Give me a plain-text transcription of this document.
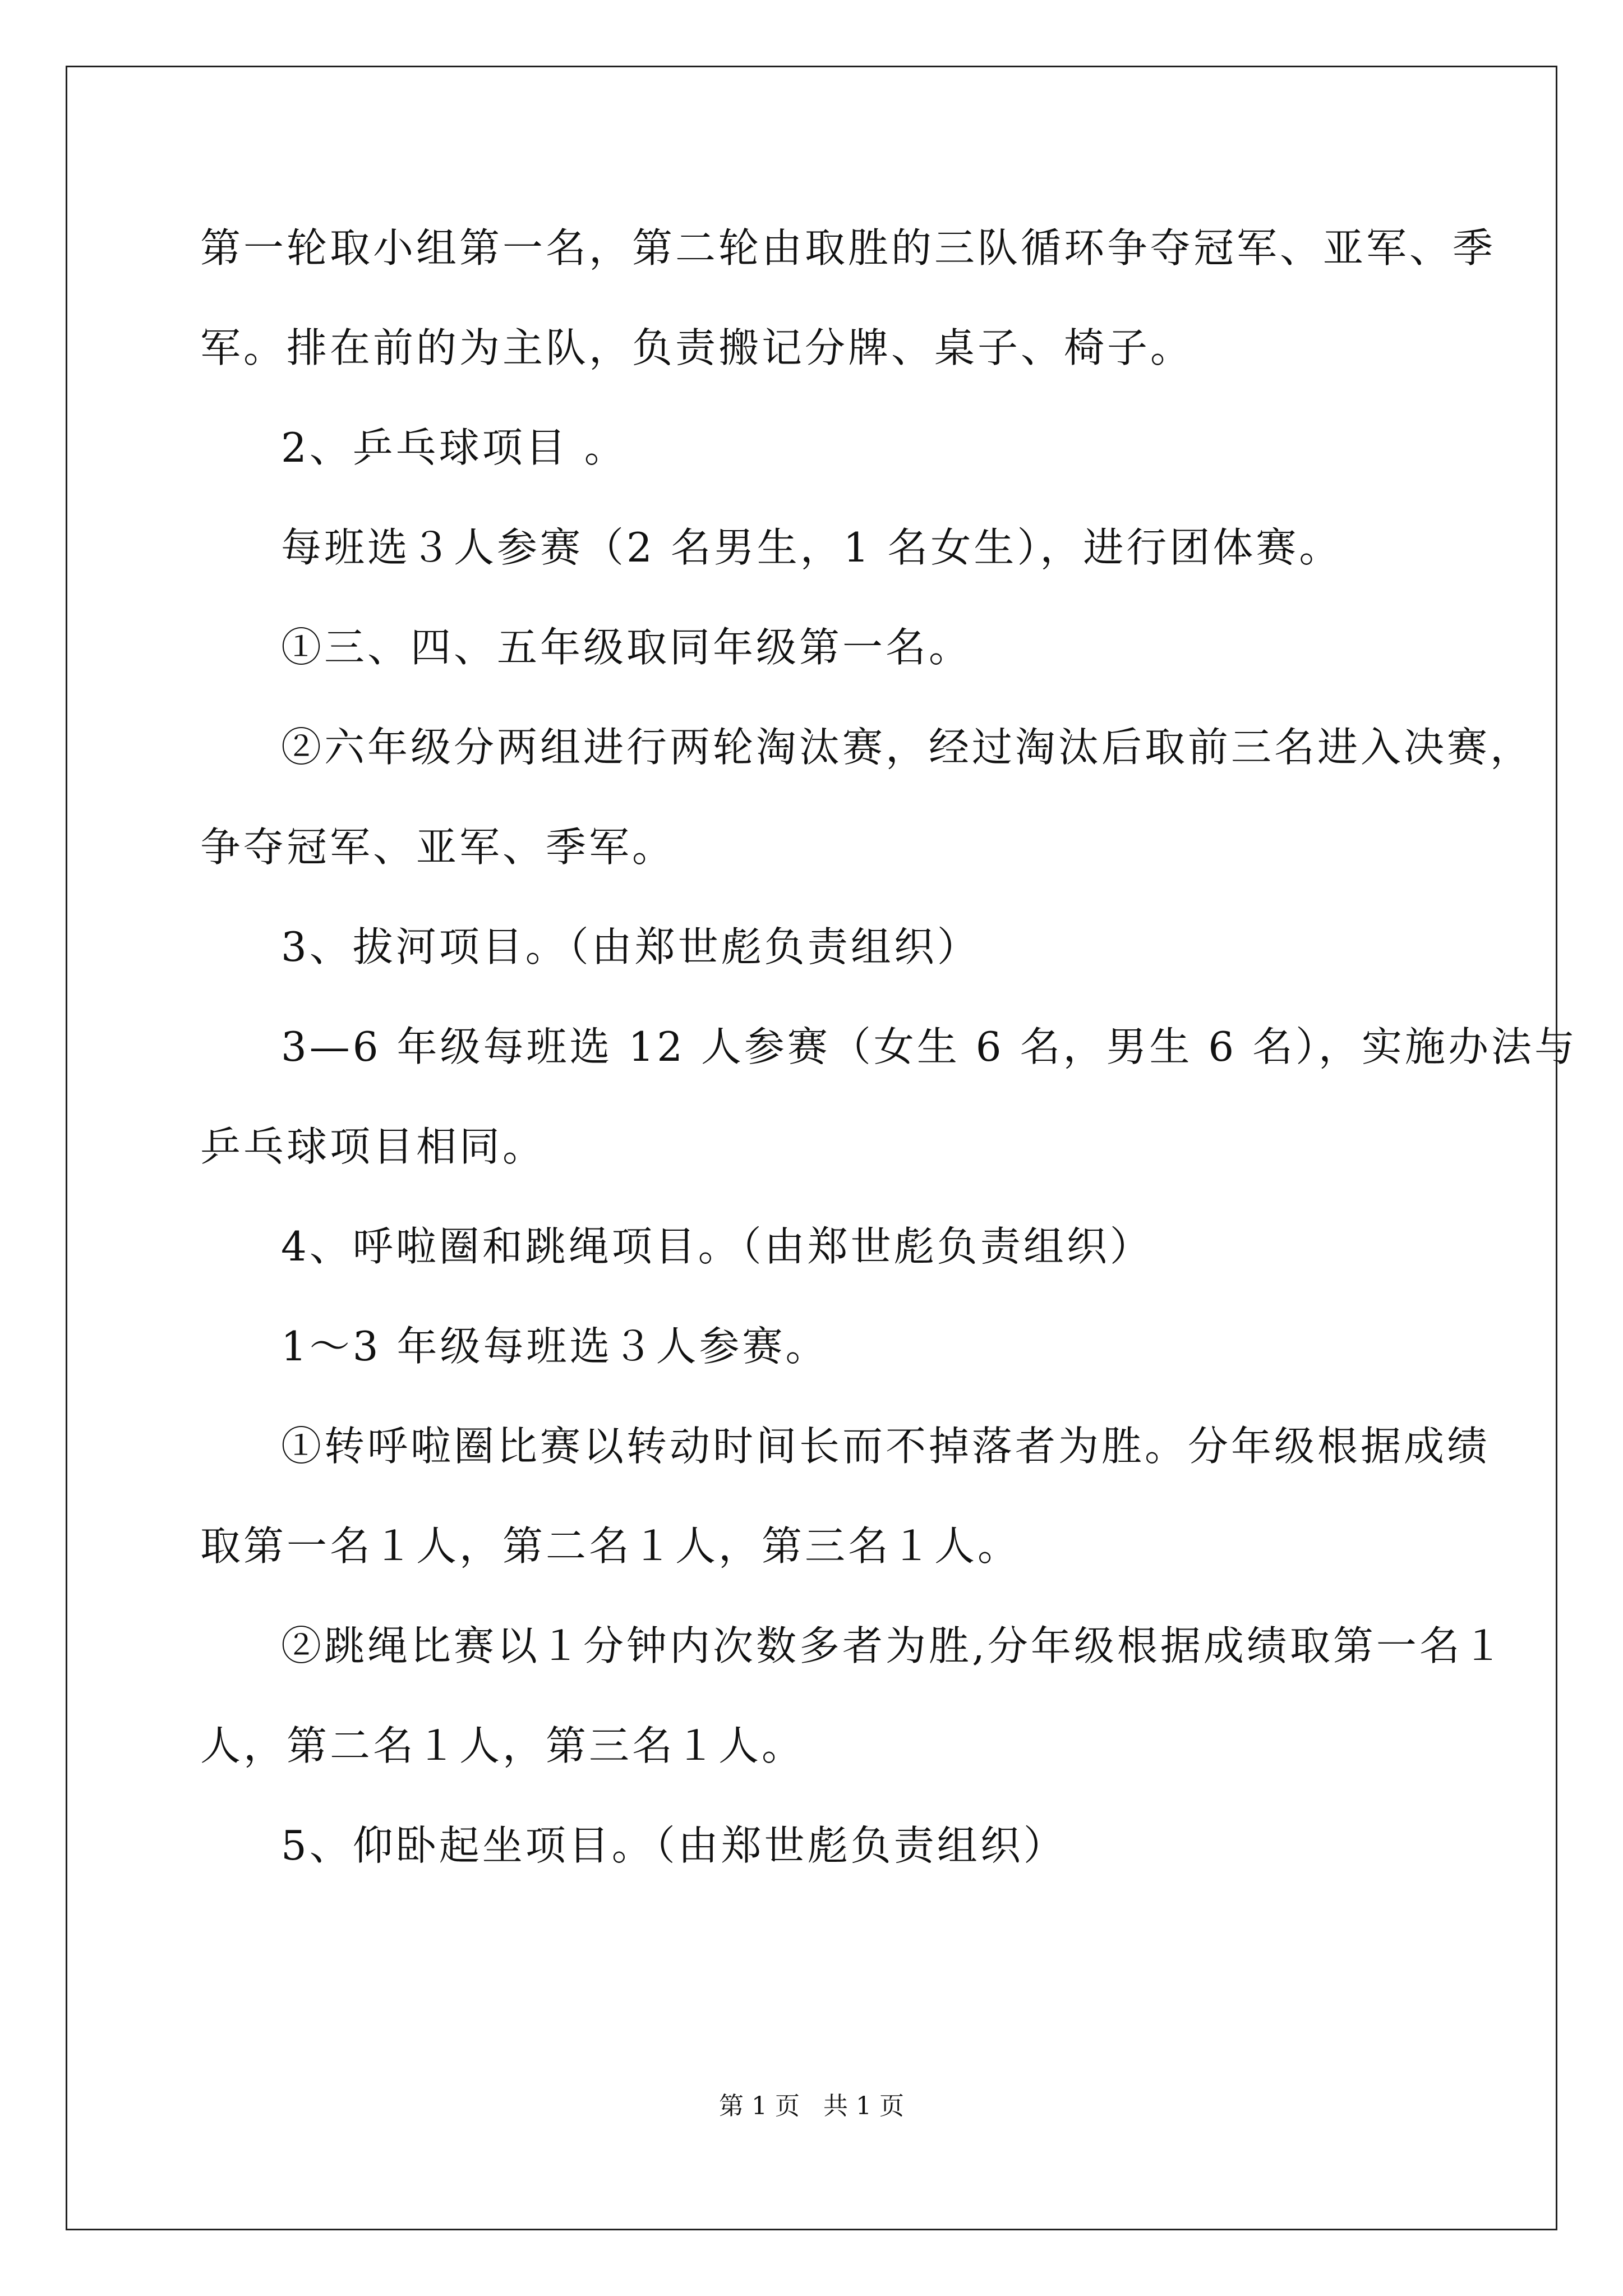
第一轮取小组第一名，第二轮由取胜的三队循环争夺冠军、亚军、季
军。排在前的为主队，负责搬记分牌、桌子、椅子。
2、乒乓球项目 。
每班选３人参赛（2 名男生，1 名女生），进行团体赛。
①三、四、五年级取同年级第一名。
②六年级分两组进行两轮淘汰赛，经过淘汰后取前三名进入决赛，
争夺冠军、亚军、季军。
3、拔河项目。（由郑世彪负责组织）
3—6 年级每班选 12 人参赛（女生 6 名，男生 6 名），实施办法与
乒乓球项目相同。
4、呼啦圈和跳绳项目。（由郑世彪负责组织）
1～3 年级每班选３人参赛。
①转呼啦圈比赛以转动时间长而不掉落者为胜。分年级根据成绩
取第一名１人，第二名１人，第三名１人。
②跳绳比赛以１分钟内次数多者为胜,分年级根据成绩取第一名１
人，第二名１人，第三名１人。
5、仰卧起坐项目。（由郑世彪负责组织）
第 1 页   共 1 页
